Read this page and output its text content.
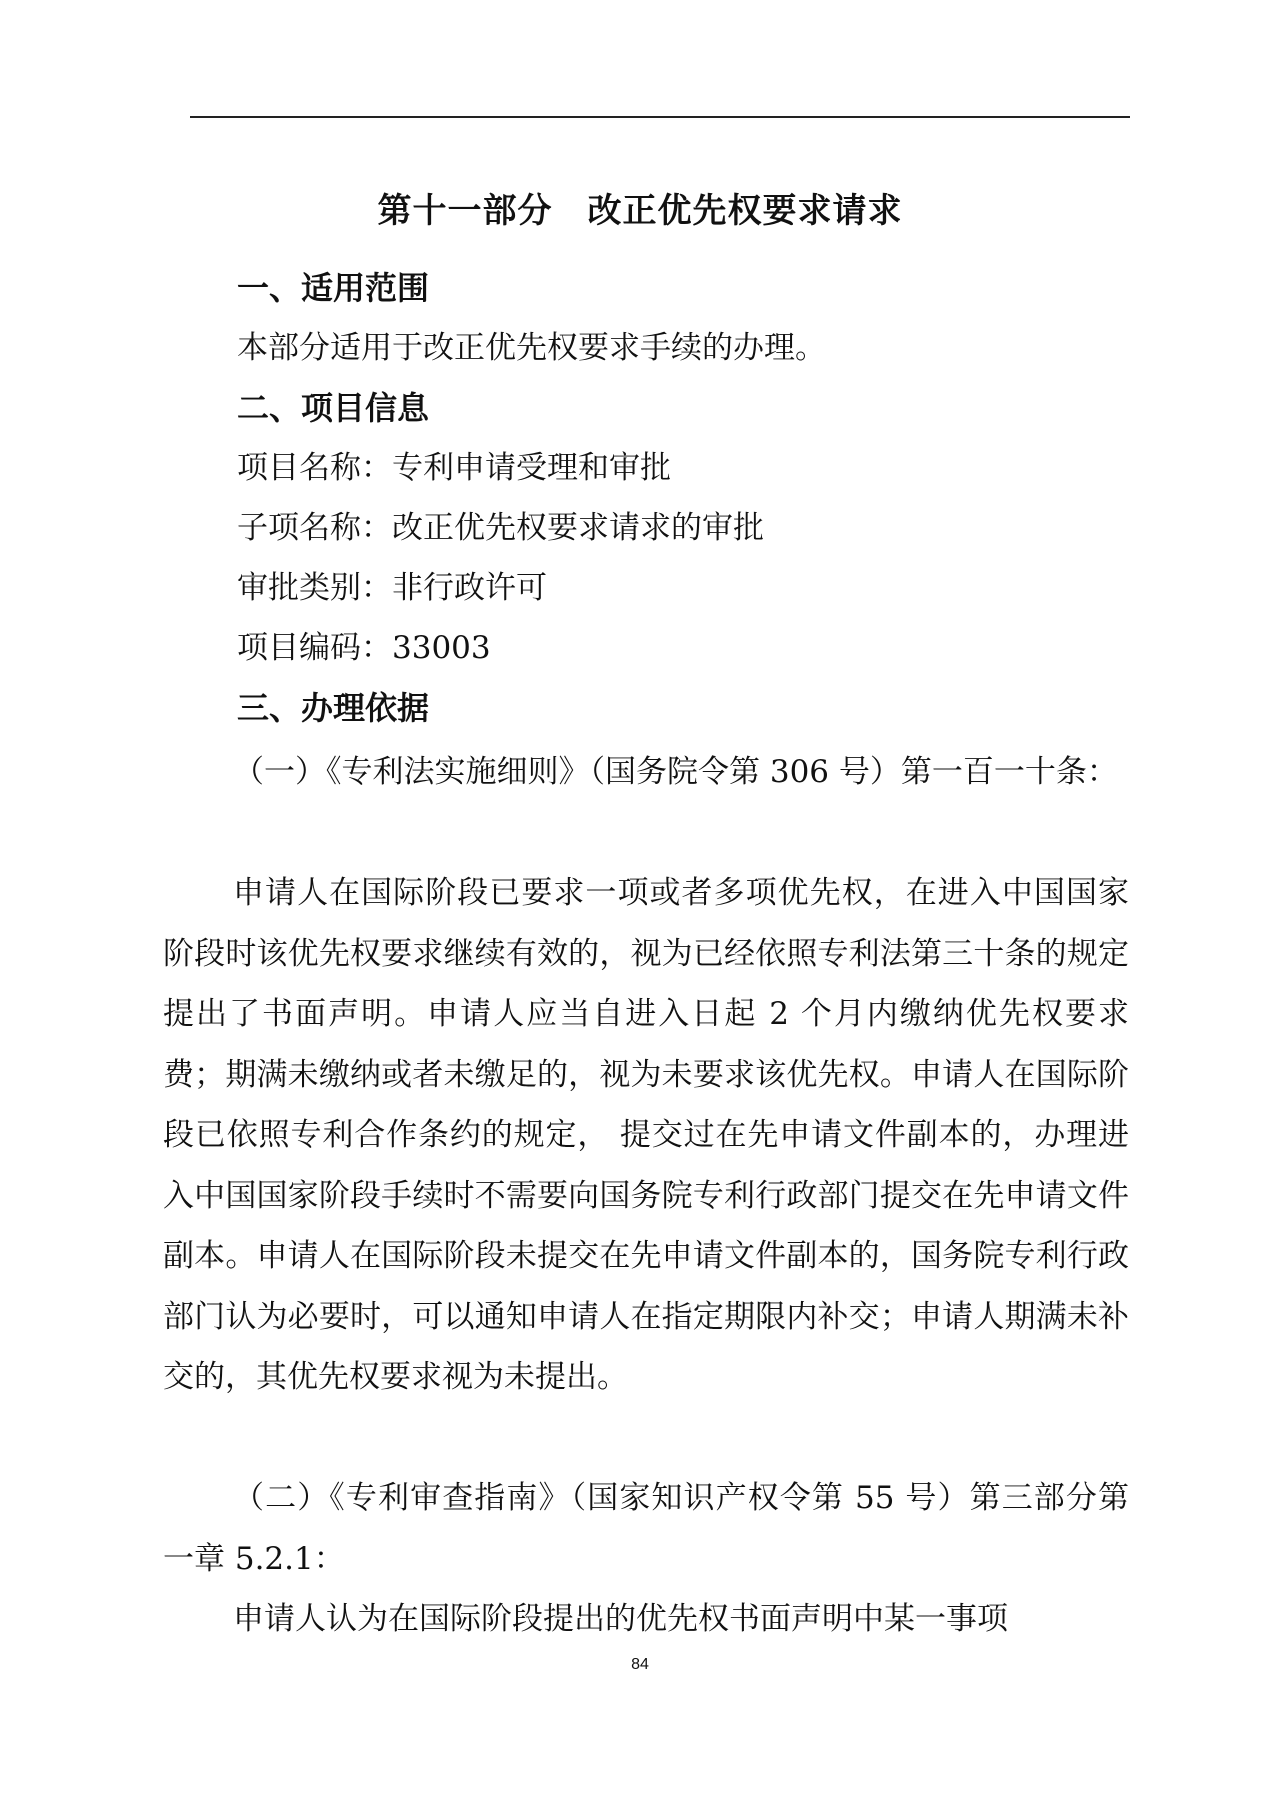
第十一部分　改正优先权要求请求
一、适用范围
本部分适用于改正优先权要求手续的办理。
二、项目信息
项目名称：专利申请受理和审批
子项名称：改正优先权要求请求的审批
审批类别：非行政许可
项目编码：33003
三、办理依据

（一）《专利法实施细则》（国务院令第 306 号）第一百一十条：

申请人在国际阶段已要求一项或者多项优先权，在进入中国国家阶段时该优先权要求继续有效的，视为已经依照专利法第三十条的规定提出了书面声明。申请人应当自进入日起 2 个月内缴纳优先权要求费；期满未缴纳或者未缴足的，视为未要求该优先权。申请人在国际阶段已依照专利合作条约的规定， 提交过在先申请文件副本的，办理进入中国国家阶段手续时不需要向国务院专利行政部门提交在先申请文件副本。申请人在国际阶段未提交在先申请文件副本的，国务院专利行政部门认为必要时，可以通知申请人在指定期限内补交；申请人期满未补交的，其优先权要求视为未提出。

（二）《专利审查指南》（国家知识产权令第 55 号）第三部分第一章 5.2.1：

申请人认为在国际阶段提出的优先权书面声明中某一事项

84
